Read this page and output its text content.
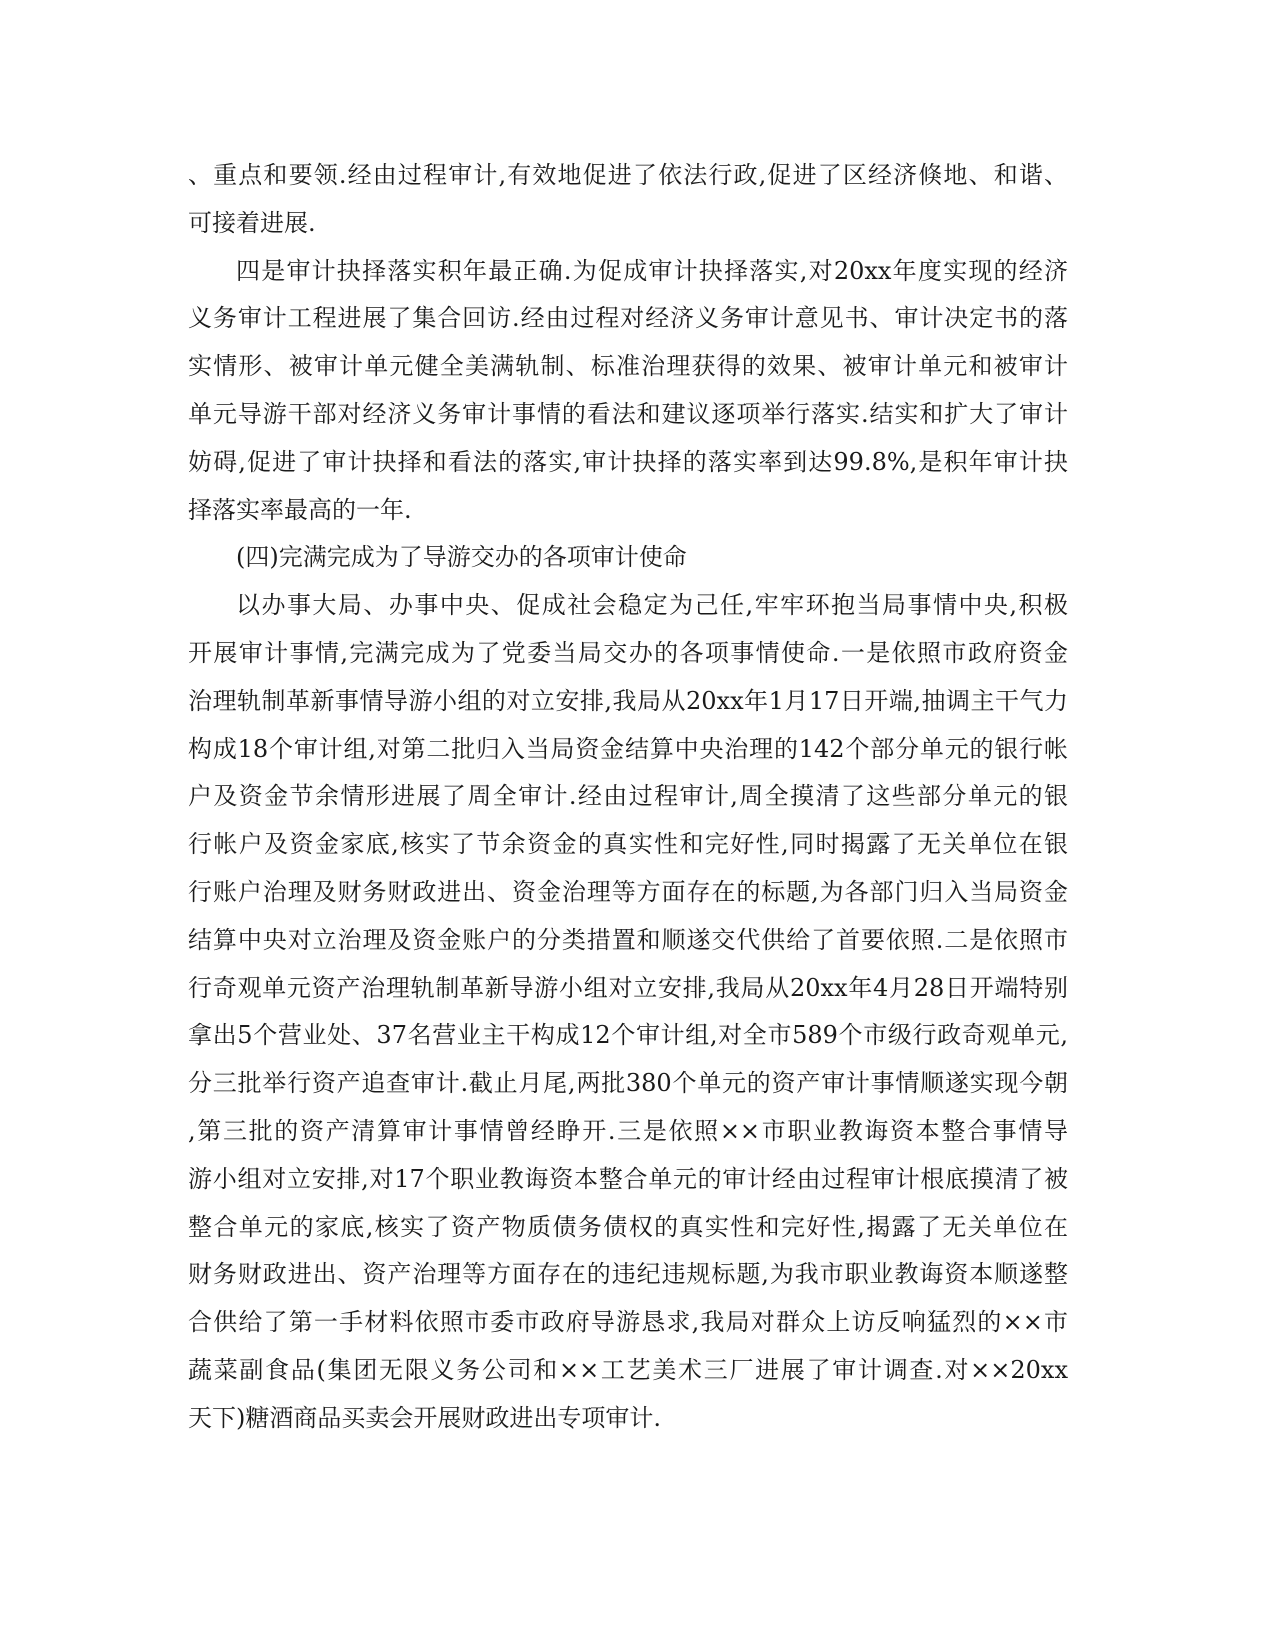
、重点和要领.经由过程审计,有效地促进了依法行政,促进了区经济倏地、和谐、
可接着进展.
四是审计抉择落实积年最正确.为促成审计抉择落实,对20xx年度实现的经济
义务审计工程进展了集合回访.经由过程对经济义务审计意见书、审计决定书的落
实情形、被审计单元健全美满轨制、标准治理获得的效果、被审计单元和被审计
单元导游干部对经济义务审计事情的看法和建议逐项举行落实.结实和扩大了审计
妨碍,促进了审计抉择和看法的落实,审计抉择的落实率到达99.8%,是积年审计抉
择落实率最高的一年.
(四)完满完成为了导游交办的各项审计使命
以办事大局、办事中央、促成社会稳定为己任,牢牢环抱当局事情中央,积极
开展审计事情,完满完成为了党委当局交办的各项事情使命.一是依照市政府资金
治理轨制革新事情导游小组的对立安排,我局从20xx年1月17日开端,抽调主干气力
构成18个审计组,对第二批归入当局资金结算中央治理的142个部分单元的银行帐
户及资金节余情形进展了周全审计.经由过程审计,周全摸清了这些部分单元的银
行帐户及资金家底,核实了节余资金的真实性和完好性,同时揭露了无关单位在银
行账户治理及财务财政进出、资金治理等方面存在的标题,为各部门归入当局资金
结算中央对立治理及资金账户的分类措置和顺遂交代供给了首要依照.二是依照市
行奇观单元资产治理轨制革新导游小组对立安排,我局从20xx年4月28日开端特别
拿出5个营业处、37名营业主干构成12个审计组,对全市589个市级行政奇观单元,
分三批举行资产追查审计.截止月尾,两批380个单元的资产审计事情顺遂实现今朝
,第三批的资产清算审计事情曾经睁开.三是依照××市职业教诲资本整合事情导
游小组对立安排,对17个职业教诲资本整合单元的审计经由过程审计根底摸清了被
整合单元的家底,核实了资产物质债务债权的真实性和完好性,揭露了无关单位在
财务财政进出、资产治理等方面存在的违纪违规标题,为我市职业教诲资本顺遂整
合供给了第一手材料依照市委市政府导游恳求,我局对群众上访反响猛烈的××市
蔬菜副食品(集团无限义务公司和××工艺美术三厂进展了审计调查.对××20xx
天下)糖酒商品买卖会开展财政进出专项审计.
